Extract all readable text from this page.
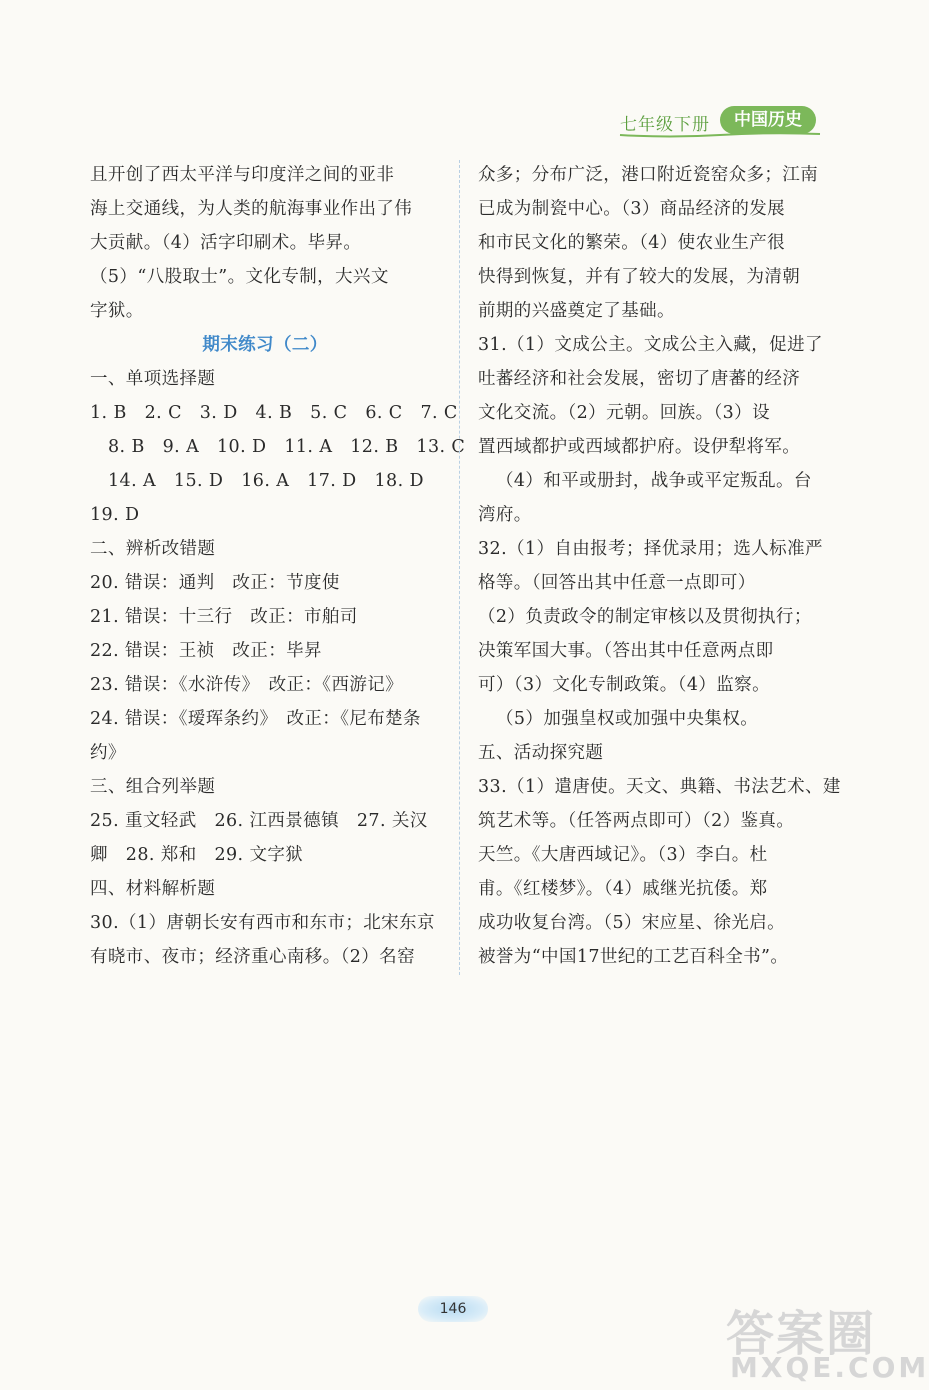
七年级下册	中国历史
且开创了西太平洋与印度洋之间的亚非
海上交通线，为人类的航海事业作出了伟
大贡献。（4）活字印刷术。毕昇。
（5）“八股取士”。文化专制，大兴文
字狱。
期末练习（二）
一、单项选择题
1. B　2. C　3. D　4. B　5. C　6. C　7. C
8. B　9. A　10. D　11. A　12. B　13. C
14. A　15. D　16. A　17. D　18. D
19. D
二、辨析改错题
20. 错误：通判　改正：节度使
21. 错误：十三行　改正：市舶司
22. 错误：王祯　改正：毕昇
23. 错误：《水浒传》　改正：《西游记》
24. 错误：《瑷珲条约》　改正：《尼布楚条
约》
三、组合列举题
25. 重文轻武　26. 江西景德镇　27. 关汉
卿　28. 郑和　29. 文字狱
四、材料解析题
30.（1）唐朝长安有西市和东市；北宋东京
有晓市、夜市；经济重心南移。（2）名窑
众多；分布广泛，港口附近瓷窑众多；江南
已成为制瓷中心。（3）商品经济的发展
和市民文化的繁荣。（4）使农业生产很
快得到恢复，并有了较大的发展，为清朝
前期的兴盛奠定了基础。
31.（1）文成公主。文成公主入藏，促进了
吐蕃经济和社会发展，密切了唐蕃的经济
文化交流。（2）元朝。回族。（3）设
置西域都护或西域都护府。设伊犁将军。
（4）和平或册封，战争或平定叛乱。台
湾府。
32.（1）自由报考；择优录用；选人标准严
格等。（回答出其中任意一点即可）
（2）负责政令的制定审核以及贯彻执行；
决策军国大事。（答出其中任意两点即
可）（3）文化专制政策。（4）监察。
（5）加强皇权或加强中央集权。
五、活动探究题
33.（1）遣唐使。天文、典籍、书法艺术、建
筑艺术等。（任答两点即可）（2）鉴真。
天竺。《大唐西域记》。（3）李白。杜
甫。《红楼梦》。（4）戚继光抗倭。郑
成功收复台湾。（5）宋应星、徐光启。
被誉为“中国17世纪的工艺百科全书”。
146	答案圈
MXQE.COM
